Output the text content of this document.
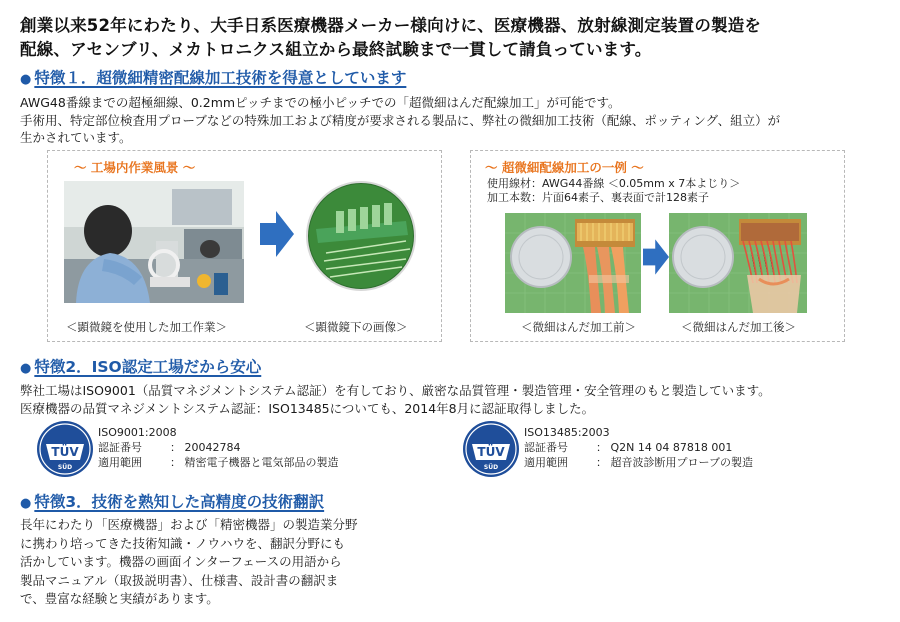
創業以来52年にわたり、大手日系医療機器メーカー様向けに、医療機器、放射線測定装置の製造を
配線、アセンブリ、メカトロニクス組立から最終試験まで一貫して請負っています。
● 特徴１．超微細精密配線加工技術を得意としています
AWG48番線までの超極細線、0.2mmピッチまでの極小ピッチでの「超微細はんだ配線加工」が可能です。
手術用、特定部位検査用プローブなどの特殊加工および精度が要求される製品に、弊社の微細加工技術（配線、ポッティング、組立）が
生かされています。
～ 工場内作業風景 ～
＜顕微鏡を使用した加工作業＞	＜顕微鏡下の画像＞
～ 超微細配線加工の一例 ～
使用線材：AWG44番線 ＜0.05mm x 7本よじり＞
加工本数：片面64素子、裏表面で計128素子
＜微細はんだ加工前＞	＜微細はんだ加工後＞
● 特徴2．ISO認定工場だから安心
弊社工場はISO9001（品質マネジメントシステム認証）を有しており、厳密な品質管理・製造管理・安全管理のもと製造しています。
医療機器の品質マネジメントシステム認証：ISO13485についても、2014年8月に認証取得しました。
TÜV
SÜD
ISO9001:2008
認証番号	： 20042784
適用範囲	： 精密電子機器と電気部品の製造
TÜV
SÜD
ISO13485:2003
認証番号	： Q2N 14 04 87818 001
適用範囲	： 超音波診断用プローブの製造
● 特徴3．技術を熟知した高精度の技術翻訳
長年にわたり「医療機器」および「精密機器」の製造業分野
に携わり培ってきた技術知識・ノウハウを、翻訳分野にも
活かしています。機器の画面インターフェースの用語から
製品マニュアル（取扱説明書）、仕様書、設計書の翻訳ま
で、豊富な経験と実績があります。
